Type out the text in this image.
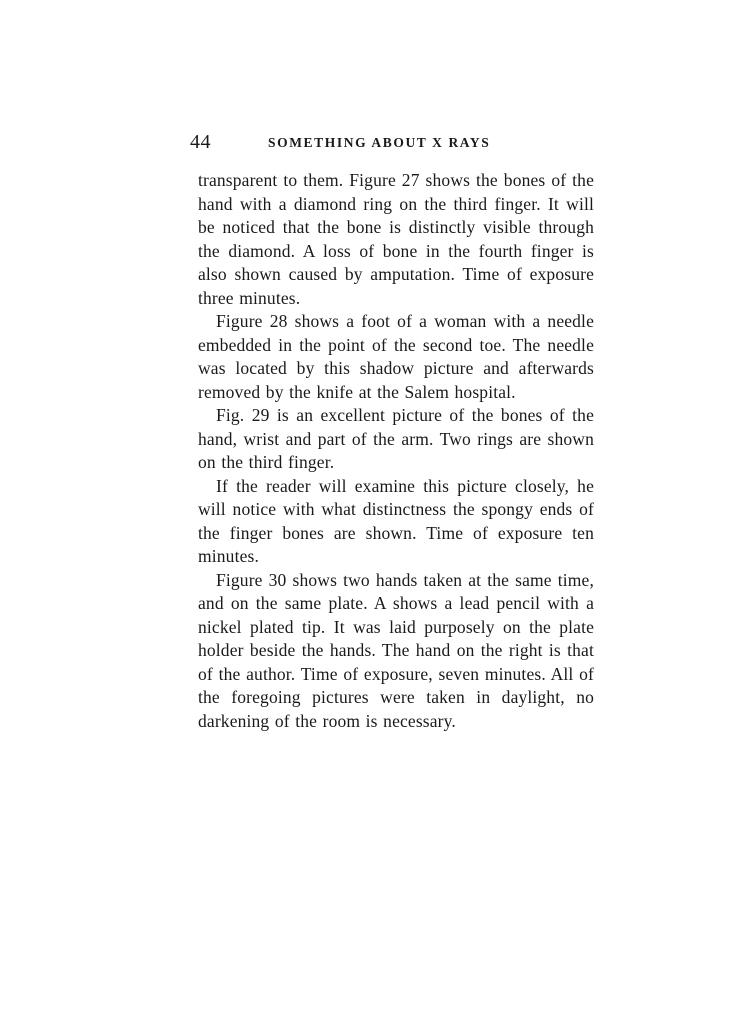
44	SOMETHING ABOUT X RAYS

transparent to them. Figure 27 shows the bones of the hand with a diamond ring on the third finger. It will be noticed that the bone is distinctly visible through the diamond. A loss of bone in the fourth finger is also shown caused by amputation. Time of exposure three minutes.

Figure 28 shows a foot of a woman with a needle embedded in the point of the second toe. The needle was located by this shadow picture and afterwards removed by the knife at the Salem hospital.

Fig. 29 is an excellent picture of the bones of the hand, wrist and part of the arm. Two rings are shown on the third finger.

If the reader will examine this picture closely, he will notice with what distinctness the spongy ends of the finger bones are shown. Time of exposure ten minutes.

Figure 30 shows two hands taken at the same time, and on the same plate. A shows a lead pencil with a nickel plated tip. It was laid purposely on the plate holder beside the hands. The hand on the right is that of the author. Time of exposure, seven minutes. All of the foregoing pictures were taken in daylight, no darkening of the room is necessary.
